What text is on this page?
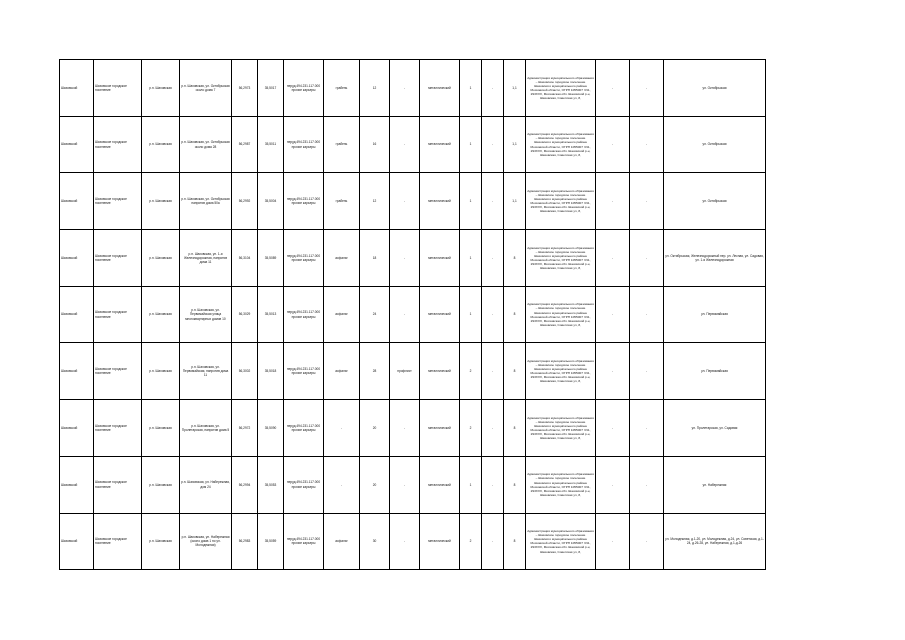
Шаховской	Шаховское городское поселение	р.п. Шаховская	р.п. Шаховская, ул. Октябрьская около дома 7	56,2973	35,5017	неруд.494.231.117.000 прочие карьеры	грабень	12	-	металлический	1	-	1,1	Администрация муниципального образования – Шаховское городское поселение Шаховского муниципального района Московской области, ОГРН 1055007 ЧЧ1, 293ХХХ, Московская обл. Шаховской р-н, Шаховская, Советская ул, 8,	-	-	ул. Октябрьская
Шаховской	Шаховское городское поселение	р.п. Шаховская	р.п. Шаховская, ул. Октябрьская около дома 28	56,2987	35,5011	неруд.494.231.117.000 прочие карьеры	грабень	16	-	металлический	1	-	1,1	Администрация муниципального образования – Шаховское городское поселение Шаховского муниципального района Московской области, ОГРН 1055007 ЧЧ1, 293ХХХ, Московская обл. Шаховской р-н, Шаховская, Советская ул, 8,	-	-	ул. Октябрьская
Шаховской	Шаховское городское поселение	р.п. Шаховская	р.п. Шаховская, ул. Октябрьская напротив дома 50а	56,2992	35,5004	неруд.494.231.117.000 прочие карьеры	грабень	12	-	металлический	1	-	1,1	Администрация муниципального образования – Шаховское городское поселение Шаховского муниципального района Московской области, ОГРН 1055007 ЧЧ1, 293ХХХ, Московская обл. Шаховской р-н, Шаховская, Советская ул, 8,	-	-	ул. Октябрьская
Шаховской	Шаховское городское поселение	р.п. Шаховская	р.п. Шаховская, ул. 1-я Железнодорожная, напротив дома 11	56,3104	35,5089	неруд.494.231.117.000 прочие карьеры	асфальт	18	-	металлический	1	-	8	Администрация муниципального образования – Шаховское городское поселение Шаховского муниципального района Московской области, ОГРН 1055007 ЧЧ1, 293ХХХ, Московская обл. Шаховской р-н, Шаховская, Советская ул, 8,	-	-	ул. Октябрьская, Железнодорожный пер. ул. Лесная, ул. Садовая, ул. 1-я Железнодорожная
Шаховской	Шаховское городское поселение	р.п. Шаховская	р.п. Шаховская, ул. Первомайская улица многоквартирных домов 10	56,3029	35,5013	неруд.494.231.117.000 прочие карьеры	асфальт	24	-	металлический	1	-	8	Администрация муниципального образования – Шаховское городское поселение Шаховского муниципального района Московской области, ОГРН 1055007 ЧЧ1, 293ХХХ, Московская обл. Шаховской р-н, Шаховская, Советская ул, 8,	-	-	ул. Первомайская
Шаховской	Шаховское городское поселение	р.п. Шаховская	р.п. Шаховская, ул. Первомайская, напротив дома 11	56,3002	35,5018	неруд.494.231.117.000 прочие карьеры	асфальт	28	профлист	металлический	2	-	8	Администрация муниципального образования – Шаховское городское поселение Шаховского муниципального района Московской области, ОГРН 1055007 ЧЧ1, 293ХХХ, Московская обл. Шаховской р-н, Шаховская, Советская ул, 8,	-	-	ул. Первомайская
Шаховской	Шаховское городское поселение	р.п. Шаховская	р.п. Шаховская, ул. Пролетарская, напротив дома 5	56,2972	35,5090	неруд.494.231.117.000 прочие карьеры	-	20	-	металлический	2	-	8	Администрация муниципального образования – Шаховское городское поселение Шаховского муниципального района Московской области, ОГРН 1055007 ЧЧ1, 293ХХХ, Московская обл. Шаховской р-н, Шаховская, Советская ул, 8,	-	-	ул. Пролетарская, ул. Садовая
Шаховской	Шаховское городское поселение	р.п. Шаховская	р.п. Шаховская, ул. Набережная, дом 24	56,2994	35,5053	неруд.494.231.117.000 прочие карьеры	-	20	-	металлический	1	-	8	Администрация муниципального образования – Шаховское городское поселение Шаховского муниципального района Московской области, ОГРН 1055007 ЧЧ1, 293ХХХ, Московская обл. Шаховской р-н, Шаховская, Советская ул, 8,	-	-	ул. Набережная
Шаховской	Шаховское городское поселение	р.п. Шаховская	р.п. Шаховская, ул. Набережная (около дома 1 по ул. Молодежная)	56,2983	35,5059	неруд.494.231.117.000 прочие карьеры	асфальт	30	-	металлический	2	-	8	Администрация муниципального образования – Шаховское городское поселение Шаховского муниципального района Московской области, ОГРН 1055007 ЧЧ1, 293ХХХ, Московская обл. Шаховской р-н, Шаховская, Советская ул, 8,	-	-	ул. Молодежная, д.1-20, ул. Молодежная, д.24, ул. Советская, д.1-24, д.26-28, ул. Набережная, д.1-д.26
